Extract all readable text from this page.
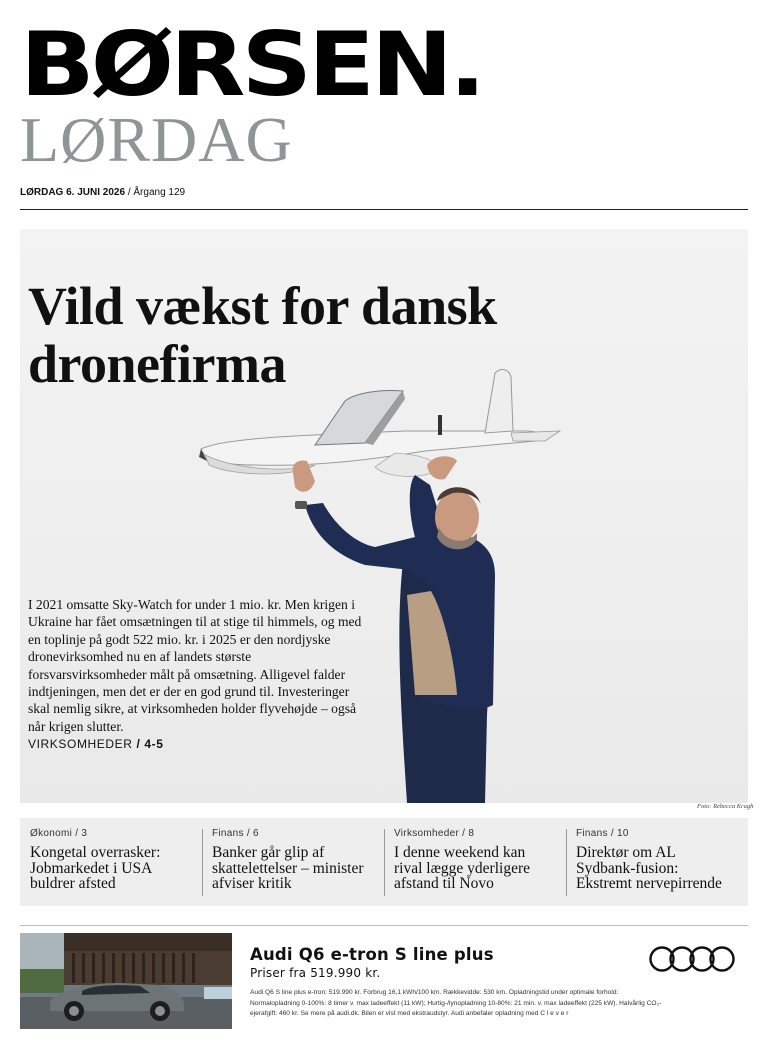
BØRSEN.
LØRDAG
LØRDAG 6. JUNI 2026 / Årgang 129
Vild vækst for dansk dronefirma

I 2021 omsatte Sky-Watch for under 1 mio. kr. Men krigen i Ukraine har fået omsætningen til at stige til himmels, og med en toplinje på godt 522 mio. kr. i 2025 er den nordjyske dronevirksomhed nu en af landets største forsvarsvirksomheder målt på omsætning. Alligevel falder indtjeningen, men det er der en god grund til. Investeringer skal nemlig sikre, at virksomheden holder flyvehøjde – også når krigen slutter.

VIRKSOMHEDER / 4-5
Foto: Rebecca Kragh
Økonomi / 3
Kongetal overrasker: Jobmarkedet i USA buldrer afsted
Finans / 6
Banker går glip af skattelettelser – minister afviser kritik
Virksomheder / 8
I denne weekend kan rival lægge yderligere afstand til Novo
Finans / 10
Direktør om AL Sydbank-fusion: Ekstremt nervepirrende
Audi Q6 e-tron S line plus
Priser fra 519.990 kr.
Audi Q6 S line plus e-tron: 519.990 kr. Forbrug 16,1 kWh/100 km. Rækkevidde: 530 km. Opladningstid under optimale forhold: Normalopladning 0-100%: 8 timer v. max ladeeffekt (11 kW); Hurtig-/lynopladning 10-80%: 21 min. v. max ladeeffekt (225 kW). Halvårlig CO₂-ejerafgift: 460 kr. Se mere på audi.dk. Bilen er vist med ekstraudstyr. Audi anbefaler opladning med C l e v e r
